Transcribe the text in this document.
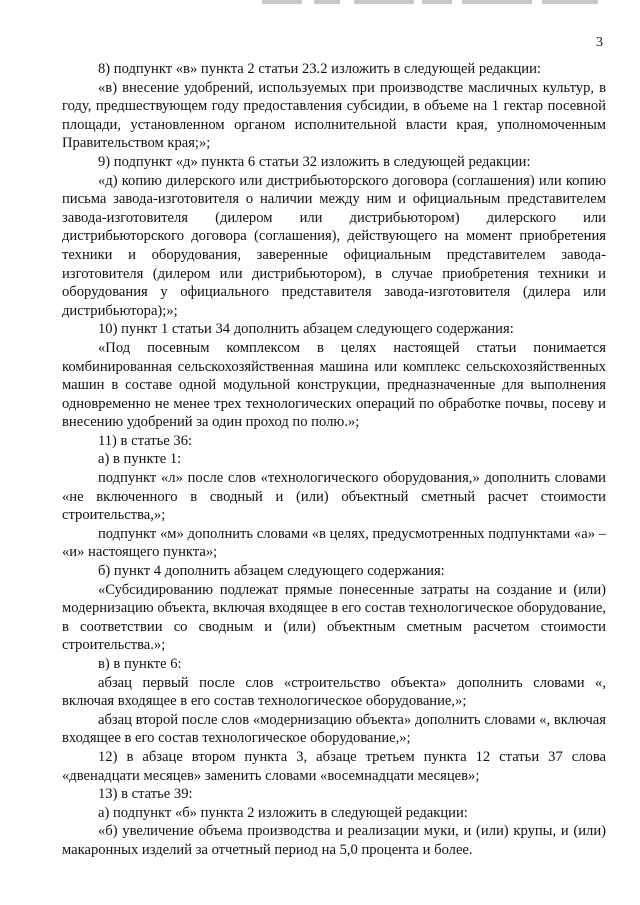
3

8) подпункт «в» пункта 2 статьи 23.2 изложить в следующей редакции:

«в) внесение удобрений, используемых при производстве масличных культур, в году, предшествующем году предоставления субсидии, в объеме на 1 гектар посевной площади, установленном органом исполнительной власти края, уполномоченным Правительством края;»;

9) подпункт «д» пункта 6 статьи 32 изложить в следующей редакции:

«д) копию дилерского или дистрибьюторского договора (соглашения) или копию письма завода-изготовителя о наличии между ним и официальным представителем завода-изготовителя (дилером или дистрибьютором) дилерского или дистрибьюторского договора (соглашения), действующего на момент приобретения техники и оборудования, заверенные официальным представителем завода-изготовителя (дилером или дистрибьютором), в случае приобретения техники и оборудования у официального представителя завода-изготовителя (дилера или дистрибьютора);»;

10) пункт 1 статьи 34 дополнить абзацем следующего содержания:

«Под посевным комплексом в целях настоящей статьи понимается комбинированная сельскохозяйственная машина или комплекс сельскохозяйственных машин в составе одной модульной конструкции, предназначенные для выполнения одновременно не менее трех технологических операций по обработке почвы, посеву и внесению удобрений за один проход по полю.»;

11) в статье 36:

а) в пункте 1:

подпункт «л» после слов «технологического оборудования,» дополнить словами «не включенного в сводный и (или) объектный сметный расчет стоимости строительства,»;

подпункт «м» дополнить словами «в целях, предусмотренных подпунктами «а» – «и» настоящего пункта»;

б) пункт 4 дополнить абзацем следующего содержания:

«Субсидированию подлежат прямые понесенные затраты на создание и (или) модернизацию объекта, включая входящее в его состав технологическое оборудование, в соответствии со сводным и (или) объектным сметным расчетом стоимости строительства.»;

в) в пункте 6:

абзац первый после слов «строительство объекта» дополнить словами «, включая входящее в его состав технологическое оборудование,»;

абзац второй после слов «модернизацию объекта» дополнить словами «, включая входящее в его состав технологическое оборудование,»;

12) в абзаце втором пункта 3, абзаце третьем пункта 12 статьи 37 слова «двенадцати месяцев» заменить словами «восемнадцати месяцев»;

13) в статье 39:

а) подпункт «б» пункта 2 изложить в следующей редакции:

«б) увеличение объема производства и реализации муки, и (или) крупы, и (или) макаронных изделий за отчетный период на 5,0 процента и более.
